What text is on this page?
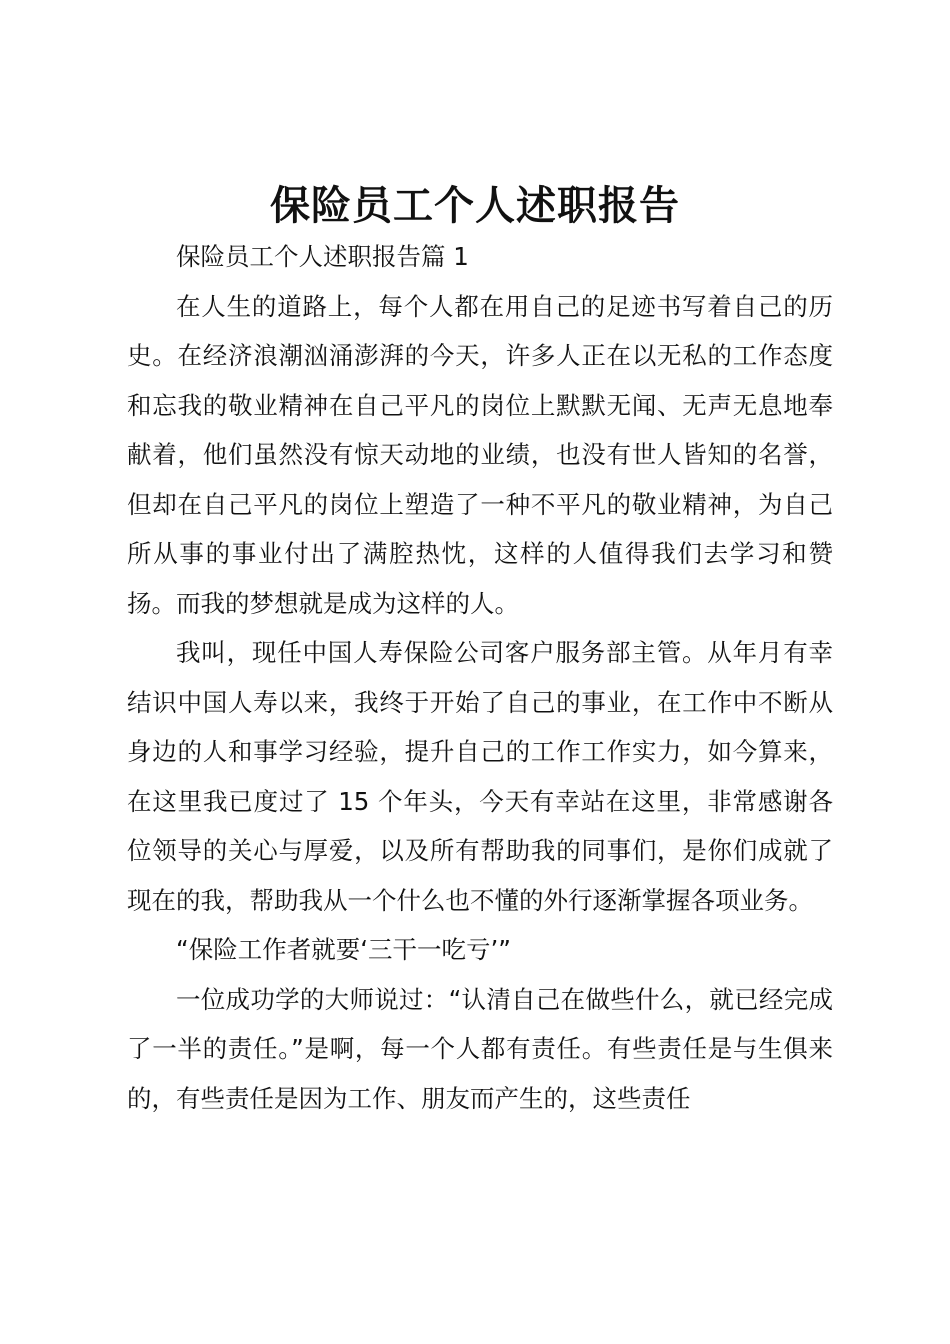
保险员工个人述职报告

保险员工个人述职报告篇 1

在人生的道路上，每个人都在用自己的足迹书写着自己的历史。在经济浪潮汹涌澎湃的今天，许多人正在以无私的工作态度和忘我的敬业精神在自己平凡的岗位上默默无闻、无声无息地奉献着，他们虽然没有惊天动地的业绩，也没有世人皆知的名誉，但却在自己平凡的岗位上塑造了一种不平凡的敬业精神，为自己所从事的事业付出了满腔热忱，这样的人值得我们去学习和赞扬。而我的梦想就是成为这样的人。

我叫，现任中国人寿保险公司客户服务部主管。从年月有幸结识中国人寿以来，我终于开始了自己的事业，在工作中不断从身边的人和事学习经验，提升自己的工作工作实力，如今算来，在这里我已度过了 15 个年头，今天有幸站在这里，非常感谢各位领导的关心与厚爱，以及所有帮助我的同事们，是你们成就了现在的我，帮助我从一个什么也不懂的外行逐渐掌握各项业务。

“保险工作者就要‘三干一吃亏’”

一位成功学的大师说过：“认清自己在做些什么，就已经完成了一半的责任。”是啊，每一个人都有责任。有些责任是与生俱来的，有些责任是因为工作、朋友而产生的，这些责任
